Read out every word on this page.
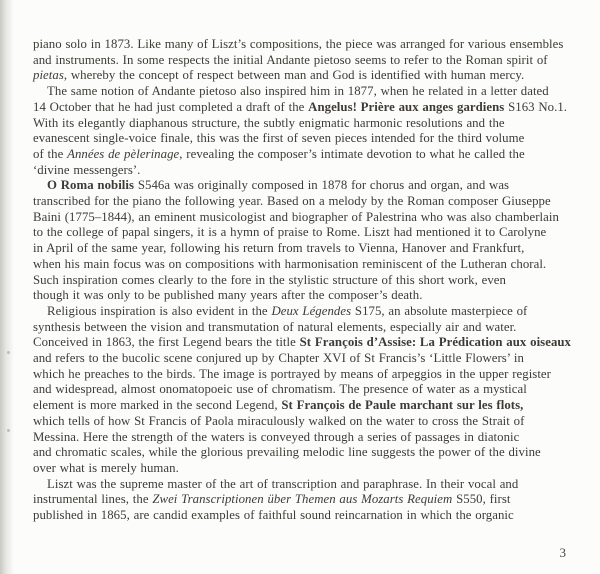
piano solo in 1873. Like many of Liszt’s compositions, the piece was arranged for various ensembles
and instruments. In some respects the initial Andante pietoso seems to refer to the Roman spirit of
pietas, whereby the concept of respect between man and God is identified with human mercy.
The same notion of Andante pietoso also inspired him in 1877, when he related in a letter dated
14 October that he had just completed a draft of the Angelus! Prière aux anges gardiens S163 No.1.
With its elegantly diaphanous structure, the subtly enigmatic harmonic resolutions and the
evanescent single-voice finale, this was the first of seven pieces intended for the third volume
of the Années de pèlerinage, revealing the composer’s intimate devotion to what he called the
‘divine messengers’.
O Roma nobilis S546a was originally composed in 1878 for chorus and organ, and was
transcribed for the piano the following year. Based on a melody by the Roman composer Giuseppe
Baini (1775–1844), an eminent musicologist and biographer of Palestrina who was also chamberlain
to the college of papal singers, it is a hymn of praise to Rome. Liszt had mentioned it to Carolyne
in April of the same year, following his return from travels to Vienna, Hanover and Frankfurt,
when his main focus was on compositions with harmonisation reminiscent of the Lutheran choral.
Such inspiration comes clearly to the fore in the stylistic structure of this short work, even
though it was only to be published many years after the composer’s death.
Religious inspiration is also evident in the Deux Légendes S175, an absolute masterpiece of
synthesis between the vision and transmutation of natural elements, especially air and water.
Conceived in 1863, the first Legend bears the title St François d’Assise: La Prédication aux oiseaux
and refers to the bucolic scene conjured up by Chapter XVI of St Francis’s ‘Little Flowers’ in
which he preaches to the birds. The image is portrayed by means of arpeggios in the upper register
and widespread, almost onomatopoeic use of chromatism. The presence of water as a mystical
element is more marked in the second Legend, St François de Paule marchant sur les flots,
which tells of how St Francis of Paola miraculously walked on the water to cross the Strait of
Messina. Here the strength of the waters is conveyed through a series of passages in diatonic
and chromatic scales, while the glorious prevailing melodic line suggests the power of the divine
over what is merely human.
Liszt was the supreme master of the art of transcription and paraphrase. In their vocal and
instrumental lines, the Zwei Transcriptionen über Themen aus Mozarts Requiem S550, first
published in 1865, are candid examples of faithful sound reincarnation in which the organic
3
